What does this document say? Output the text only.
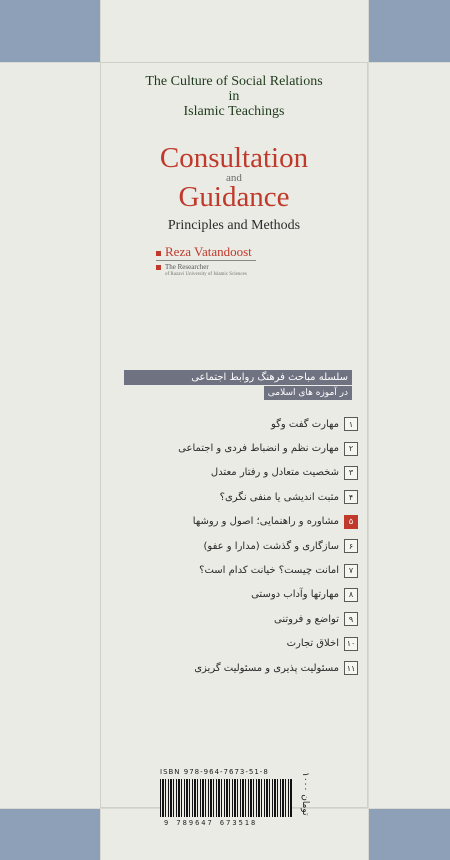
The Culture of Social Relations
in
Islamic Teachings
Consultation
and
Guidance
Principles and Methods
Reza Vatandoost
The Researcher
of Razavi University of Islamic Sciences
سلسله مباحث فرهنگ روابط اجتماعی
در آموزه های اسلامی
۱
مهارت گفت وگو
۲
مهارت نظم و انضباط فردی و اجتماعی
۳
شخصیت متعادل و رفتار معتدل
۴
مثبت اندیشی یا منفی نگری؟
۵
مشاوره و راهنمایی؛ اصول و روشها
۶
سازگاری و گذشت (مدارا و عفو)
۷
امانت چیست؟ خیانت کدام است؟
۸
مهارتها وآداب دوستی
۹
تواضع و فروتنی
۱۰
اخلاق تجارت
۱۱
مسئولیت پذیری و مسئولیت گریزی
ISBN 978-964-7673-51-8
9 789647 673518
۱۰۰۰ تومان
